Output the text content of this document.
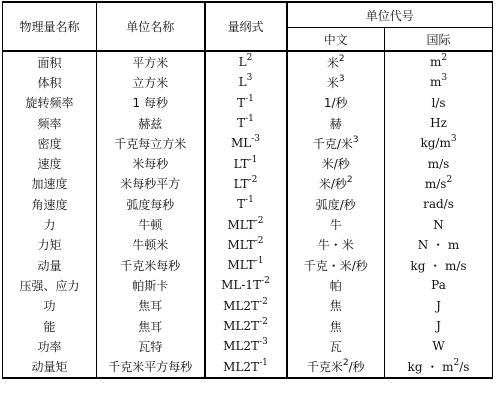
物理量名称	单位名称	量纲式	单位代号	
			中文	国际
面积	平方米	$L^2$	米$^2$	$m^2$
体积	立方米	$L^3$	米$^3$	$m^3$
旋转频率	1 每秒	$T^{-1}$	1/秒	l/s
频率	赫兹	$T^{-1}$	赫	Hz
密度	千克每立方米	$ML^{-3}$	千克/米$^3$	$kg/m^3$
速度	米每秒	$LT^{-1}$	米/秒	m/s
加速度	米每秒平方	$LT^{-2}$	米/秒$^2$	$m/s^2$
角速度	弧度每秒	$T^{-1}$	弧度/秒	rad/s
力	牛顿	$MLT^{-2}$	牛	N
力矩	牛顿米	$MLT^{-2}$	牛・米	N ・ m
动量	千克米每秒	$MLT^{-1}$	千克・米/秒	kg ・ m/s
压强、应力	帕斯卡	$ML-1T^{-2}$	帕	Pa
功	焦耳	$ML2T^{-2}$	焦	J
能	焦耳	$ML2T^{-2}$	焦	J
功率	瓦特	$ML2T^{-3}$	瓦	W
动量矩	千克米平方每秒	$ML2T^{-1}$	千克米$^2$/秒	kg ・ $m^2/s$
